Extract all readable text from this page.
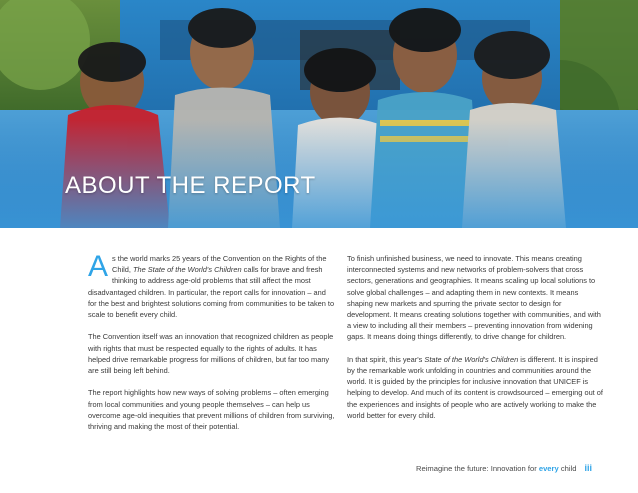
ABOUT THE REPORT

As the world marks 25 years of the Convention on the Rights of the Child, The State of the World's Children calls for brave and fresh thinking to address age-old problems that still affect the most disadvantaged children. In particular, the report calls for innovation – and for the best and brightest solutions coming from communities to be taken to scale to benefit every child.

The Convention itself was an innovation that recognized children as people with rights that must be respected equally to the rights of adults. It has helped drive remarkable progress for millions of children, but far too many are still being left behind.

The report highlights how new ways of solving problems – often emerging from local communities and young people themselves – can help us overcome age-old inequities that prevent millions of children from surviving, thriving and making the most of their potential.

To finish unfinished business, we need to innovate. This means creating interconnected systems and new networks of problem-solvers that cross sectors, generations and geographies. It means scaling up local solutions to solve global challenges – and adapting them in new contexts. It means shaping new markets and spurring the private sector to design for development. It means creating solutions together with communities, and with a view to including all their members – preventing innovation from widening gaps. It means doing things differently, to drive change for children.

In that spirit, this year's State of the World's Children is different. It is inspired by the remarkable work unfolding in countries and communities around the world. It is guided by the principles for inclusive innovation that UNICEF is helping to develop. And much of its content is crowdsourced – emerging out of the experiences and insights of people who are actively working to make the world better for every child.

Reimagine the future: Innovation for every child iii
